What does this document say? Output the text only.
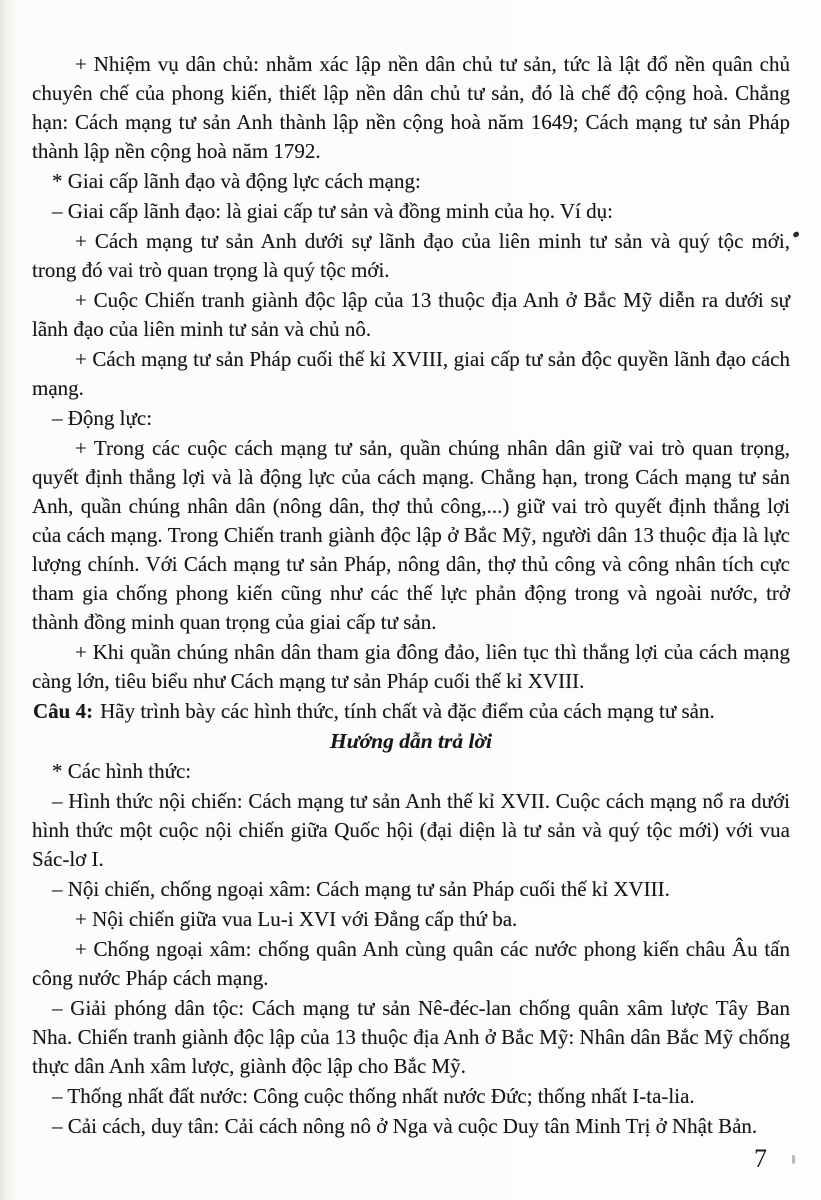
+ Nhiệm vụ dân chủ: nhằm xác lập nền dân chủ tư sản, tức là lật đổ nền quân chủ chuyên chế của phong kiến, thiết lập nền dân chủ tư sản, đó là chế độ cộng hoà. Chẳng hạn: Cách mạng tư sản Anh thành lập nền cộng hoà năm 1649; Cách mạng tư sản Pháp thành lập nền cộng hoà năm 1792.

* Giai cấp lãnh đạo và động lực cách mạng:

– Giai cấp lãnh đạo: là giai cấp tư sản và đồng minh của họ. Ví dụ:

+ Cách mạng tư sản Anh dưới sự lãnh đạo của liên minh tư sản và quý tộc mới, trong đó vai trò quan trọng là quý tộc mới.

+ Cuộc Chiến tranh giành độc lập của 13 thuộc địa Anh ở Bắc Mỹ diễn ra dưới sự lãnh đạo của liên minh tư sản và chủ nô.

+ Cách mạng tư sản Pháp cuối thế kỉ XVIII, giai cấp tư sản độc quyền lãnh đạo cách mạng.

– Động lực:

+ Trong các cuộc cách mạng tư sản, quần chúng nhân dân giữ vai trò quan trọng, quyết định thắng lợi và là động lực của cách mạng. Chẳng hạn, trong Cách mạng tư sản Anh, quần chúng nhân dân (nông dân, thợ thủ công,...) giữ vai trò quyết định thắng lợi của cách mạng. Trong Chiến tranh giành độc lập ở Bắc Mỹ, người dân 13 thuộc địa là lực lượng chính. Với Cách mạng tư sản Pháp, nông dân, thợ thủ công và công nhân tích cực tham gia chống phong kiến cũng như các thế lực phản động trong và ngoài nước, trở thành đồng minh quan trọng của giai cấp tư sản.

+ Khi quần chúng nhân dân tham gia đông đảo, liên tục thì thắng lợi của cách mạng càng lớn, tiêu biểu như Cách mạng tư sản Pháp cuối thế kỉ XVIII.

Câu 4: Hãy trình bày các hình thức, tính chất và đặc điểm của cách mạng tư sản.

Hướng dẫn trả lời

* Các hình thức:

– Hình thức nội chiến: Cách mạng tư sản Anh thế kỉ XVII. Cuộc cách mạng nổ ra dưới hình thức một cuộc nội chiến giữa Quốc hội (đại diện là tư sản và quý tộc mới) với vua Sác-lơ I.

– Nội chiến, chống ngoại xâm: Cách mạng tư sản Pháp cuối thế kỉ XVIII.

+ Nội chiến giữa vua Lu-i XVI với Đẳng cấp thứ ba.

+ Chống ngoại xâm: chống quân Anh cùng quân các nước phong kiến châu Âu tấn công nước Pháp cách mạng.

– Giải phóng dân tộc: Cách mạng tư sản Nê-đéc-lan chống quân xâm lược Tây Ban Nha. Chiến tranh giành độc lập của 13 thuộc địa Anh ở Bắc Mỹ: Nhân dân Bắc Mỹ chống thực dân Anh xâm lược, giành độc lập cho Bắc Mỹ.

– Thống nhất đất nước: Công cuộc thống nhất nước Đức; thống nhất I-ta-lia.

– Cải cách, duy tân: Cải cách nông nô ở Nga và cuộc Duy tân Minh Trị ở Nhật Bản.

7
